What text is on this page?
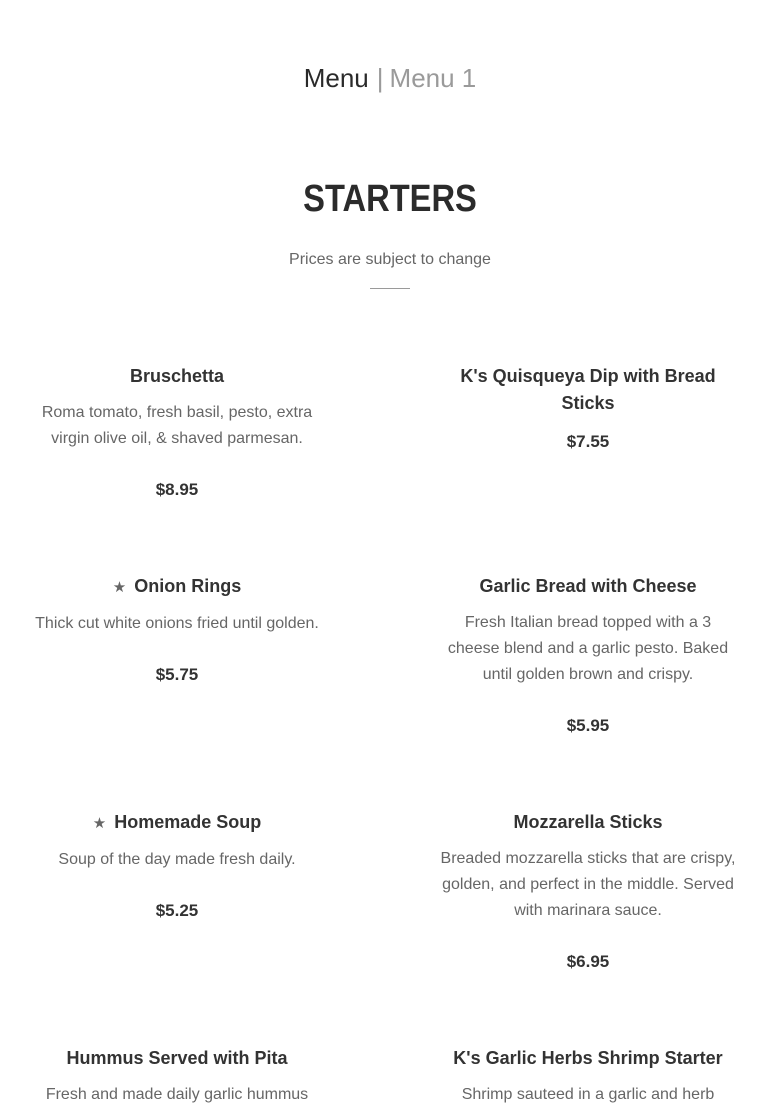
Menu | Menu 1
STARTERS
Prices are subject to change
Bruschetta
Roma tomato, fresh basil, pesto, extra virgin olive oil, & shaved parmesan.
$8.95
K's Quisqueya Dip with Bread Sticks
$7.55
★ Onion Rings
Thick cut white onions fried until golden.
$5.75
Garlic Bread with Cheese
Fresh Italian bread topped with a 3 cheese blend and a garlic pesto. Baked until golden brown and crispy.
$5.95
★ Homemade Soup
Soup of the day made fresh daily.
$5.25
Mozzarella Sticks
Breaded mozzarella sticks that are crispy, golden, and perfect in the middle. Served with marinara sauce.
$6.95
Hummus Served with Pita
Fresh and made daily garlic hummus
K's Garlic Herbs Shrimp Starter
Shrimp sauteed in a garlic and herb
